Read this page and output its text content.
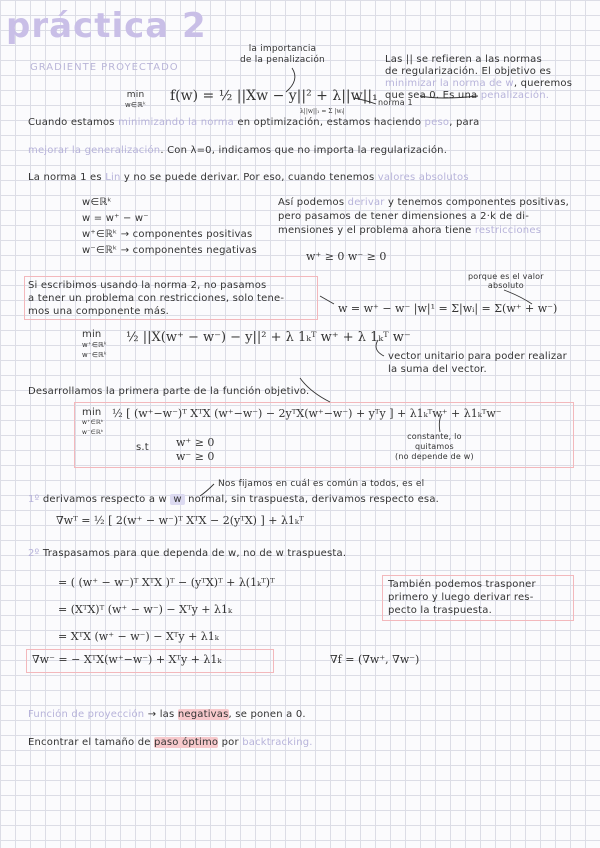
práctica 2
GRADIENTE PROYECTADO
la importancia
de la penalización
min
w∈ℝᵏ
f(w) = ½ ||Xw − y||² + λ||w||₁
λ||w||₁ = Σ |wᵢ|
norma 1
Las || se refieren a las normas
de regularización. El objetivo es
minimizar la norma de w, queremos
que sea 0. Es una penalización.
Cuando estamos minimizando la norma en optimización, estamos haciendo peso, para
mejorar la generalización. Con λ=0, indicamos que no importa la regularización.
La norma 1 es Lin y no se puede derivar. Por eso, cuando tenemos valores absolutos
w∈ℝᵏ
w = w⁺ − w⁻
w⁺∈ℝᵏ → componentes positivas
w⁻∈ℝᵏ → componentes negativas
Así podemos derivar y tenemos componentes positivas,
pero pasamos de tener dimensiones a 2·k de di-
mensiones y el problema ahora tiene restricciones
w⁺ ≥ 0 w⁻ ≥ 0
Si escribimos usando la norma 2, no pasamos
a tener un problema con restricciones, solo tene-
mos una componente más.
porque es el valor
absoluto
w = w⁺ − w⁻ |w|¹ = Σ|wᵢ| = Σ(w⁺ + w⁻)
min
w⁺∈ℝᵏ
w⁻∈ℝᵏ
½ ||X(w⁺ − w⁻) − y||² + λ 1ₖᵀ w⁺ + λ 1ₖᵀ w⁻
vector unitario para poder realizar
la suma del vector.
Desarrollamos la primera parte de la función objetivo.
min
w⁺∈ℝᵏ
w⁻∈ℝᵏ
½ [ (w⁺−w⁻)ᵀ XᵀX (w⁺−w⁻) − 2yᵀX(w⁺−w⁻) + yᵀy ] + λ1ₖᵀw⁺ + λ1ₖᵀw⁻
s.t w⁺ ≥ 0
w⁻ ≥ 0
constante, lo
quitamos
(no depende de w)
Nos fijamos en cuál es común a todos, es el
1º derivamos respecto a w w normal, sin traspuesta, derivamos respecto esa.
∇wᵀ = ½ [ 2(w⁺ − w⁻)ᵀ XᵀX − 2(yᵀX) ] + λ1ₖᵀ
2º Traspasamos para que dependa de w, no de w traspuesta.
= ( (w⁺ − w⁻)ᵀ XᵀX )ᵀ − (yᵀX)ᵀ + λ(1ₖᵀ)ᵀ
= (XᵀX)ᵀ (w⁺ − w⁻) − Xᵀy + λ1ₖ
= XᵀX (w⁺ − w⁻) − Xᵀy + λ1ₖ
También podemos trasponer
primero y luego derivar res-
pecto la traspuesta.
∇w⁻ = − XᵀX(w⁺−w⁻) + Xᵀy + λ1ₖ	∇f = (∇w⁺, ∇w⁻)
Función de proyección → las negativas, se ponen a 0.
Encontrar el tamaño de paso óptimo por backtracking.
